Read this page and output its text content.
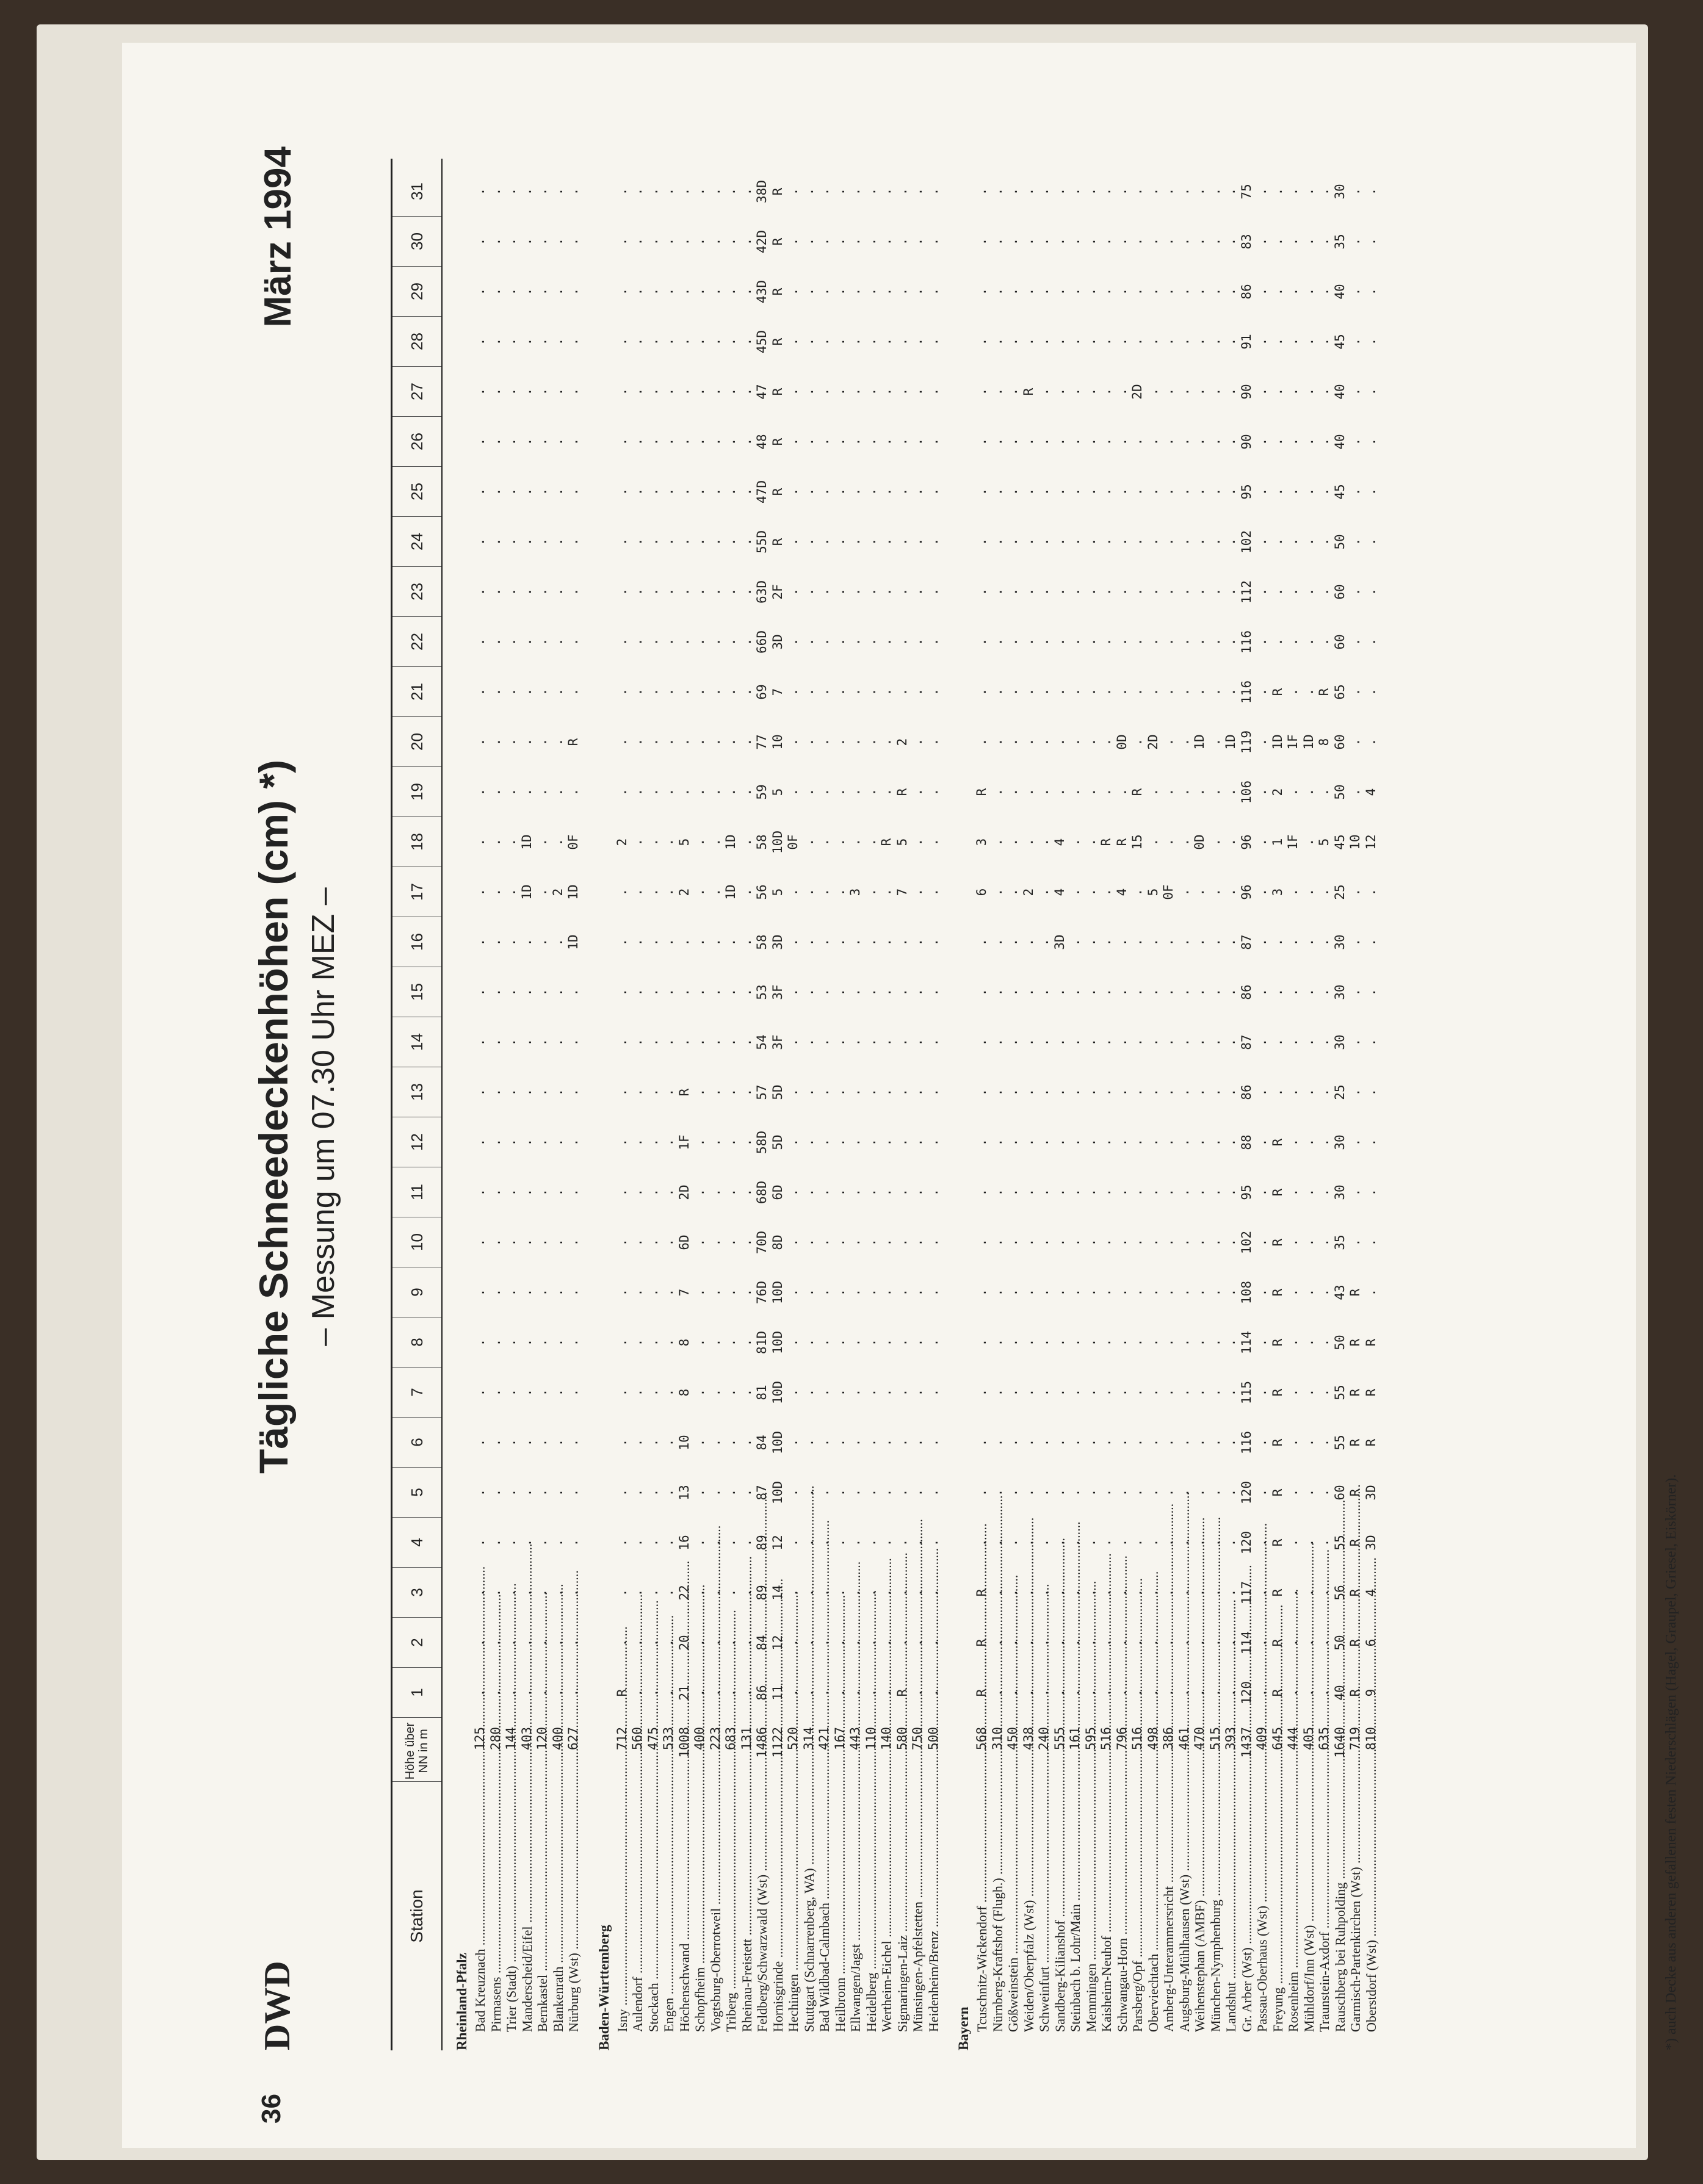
36
DWD
Tägliche Schneedeckenhöhen (cm) *) – Messung um 07.30 Uhr MEZ –
März 1994
Station
Höhe über NN in m
1
2
3
4
5
6
7
8
9
10
11
12
13
14
15
16
17
18
19
20
21
22
23
24
25
26
27
28
29
30
31
Rheinland-Pfalz Bad Kreuznach .....
125
.
.
.
.
.
.
.
.
.
.
.
.
.
.
.
.
.
.
.
.
.
.
.
.
.
.
.
.
.
.
.
Pirmasens .....
280
.
.
.
.
.
.
.
.
.
.
.
.
.
.
.
.
.
.
.
.
.
.
.
.
.
.
.
.
.
.
.
Trier (Stadt) .....
144
.
.
.
.
.
.
.
.
.
.
.
.
.
.
.
.
.
.
.
.
.
.
.
.
.
.
.
.
.
.
.
Manderscheid/Eifel .....
403
.
.
.
.
.
.
.
.
.
.
.
.
.
.
.
.
1D
1D
.
.
.
.
.
.
.
.
.
.
.
.
.
Bernkastel .....
120
.
.
.
.
.
.
.
.
.
.
.
.
.
.
.
.
.
.
.
.
.
.
.
.
.
.
.
.
.
.
.
Blankenrath .....
400
.
.
.
.
.
.
.
.
.
.
.
.
.
.
.
.
2
.
.
.
.
.
.
.
.
.
.
.
.
.
.
Nürburg (Wst) .....
627
.
.
.
.
.
.
.
.
.
.
.
.
.
.
.
1D
1D
0F
.
R
.
.
.
.
.
.
.
.
.
.
.
Baden-Württemberg Isny .....
712
R
.
.
.
.
.
.
.
.
.
.
.
.
.
.
.
.
2
.
.
.
.
.
.
.
.
.
.
.
.
.
Aulendorf .....
560
.
.
.
.
.
.
.
.
.
.
.
.
.
.
.
.
.
.
.
.
.
.
.
.
.
.
.
.
.
.
.
Stockach .....
475
.
.
.
.
.
.
.
.
.
.
.
.
.
.
.
.
.
.
.
.
.
.
.
.
.
.
.
.
.
.
.
Engen .....
533
.
.
.
.
.
.
.
.
.
.
.
.
.
.
.
.
.
.
.
.
.
.
.
.
.
.
.
.
.
.
.
Höchenschwand .....
1008
21
20
22
16
13
10
8
8
7
6D
2D
1F
R
.
.
.
2
5
.
.
.
.
.
.
.
.
.
.
.
.
.
Schopfheim .....
400
.
.
.
.
.
.
.
.
.
.
.
.
.
.
.
.
.
.
.
.
.
.
.
.
.
.
.
.
.
.
.
Vogtsburg-Oberrotweil .....
223
.
.
.
.
.
.
.
.
.
.
.
.
.
.
.
.
.
.
.
.
.
.
.
.
.
.
.
.
.
.
.
Triberg .....
683
.
.
.
.
.
.
.
.
.
.
.
.
.
.
.
.
1D
1D
.
.
.
.
.
.
.
.
.
.
.
.
.
Rheinau-Freistett .....
131
.
.
.
.
.
.
.
.
.
.
.
.
.
.
.
.
.
.
.
.
.
.
.
.
.
.
.
.
.
.
.
Feldberg/Schwarzwald (Wst) .....
1486
86
84
89
89
87
84
81
81D
76D
70D
68D
58D
57
54
53
58
56
58
59
77
69
66D
63D
55D
47D
48
47
45D
43D
42D
38D
Hornisgrinde .....
1122
11
12
14
12
10D
10D
10D
10D
10D
8D
6D
5D
5D
3F
3F
3D
5
10D
5
10
7
3D
2F
R
R
R
R
R
R
R
R
Hechingen .....
520
.
.
.
.
.
.
.
.
.
.
.
.
.
.
.
.
.
0F
.
.
.
.
.
.
.
.
.
.
.
.
.
Stuttgart (Schnarrenberg, WA) .....
314
.
.
.
.
.
.
.
.
.
.
.
.
.
.
.
.
.
.
.
.
.
.
.
.
.
.
.
.
.
.
.
Bad Wildbad-Calmbach .....
421
.
.
.
.
.
.
.
.
.
.
.
.
.
.
.
.
.
.
.
.
.
.
.
.
.
.
.
.
.
.
.
Heilbronn .....
167
.
.
.
.
.
.
.
.
.
.
.
.
.
.
.
.
.
.
.
.
.
.
.
.
.
.
.
.
.
.
.
Ellwangen/Jagst .....
443
.
.
.
.
.
.
.
.
.
.
.
.
.
.
.
.
3
.
.
.
.
.
.
.
.
.
.
.
.
.
.
Heidelberg .....
110
.
.
.
.
.
.
.
.
.
.
.
.
.
.
.
.
.
.
.
.
.
.
.
.
.
.
.
.
.
.
.
Wertheim-Eichel .....
140
.
.
.
.
.
.
.
.
.
.
.
.
.
.
.
.
.
R
.
.
.
.
.
.
.
.
.
.
.
.
.
Sigmaringen-Laiz .....
580
R
.
.
.
.
.
.
.
.
.
.
.
.
.
.
.
7
5
R
2
.
.
.
.
.
.
.
.
.
.
.
Münsingen-Apfelstetten .....
750
.
.
.
.
.
.
.
.
.
.
.
.
.
.
.
.
.
.
.
.
.
.
.
.
.
.
.
.
.
.
.
Heidenheim/Brenz .....
500
.
.
.
.
.
.
.
.
.
.
.
.
.
.
.
.
.
.
.
.
.
.
.
.
.
.
.
.
.
.
.
Bayern Tcuschnitz-Wickendorf .....
568
R
R
R
.
.
.
.
.
.
.
.
.
.
.
.
.
6
3
R
.
.
.
.
.
.
.
.
.
.
.
.
Nürnberg-Kraftshof (Flugh.) .....
310
.
.
.
.
.
.
.
.
.
.
.
.
.
.
.
.
.
.
.
.
.
.
.
.
.
.
.
.
.
.
.
Gößweinstein .....
450
.
.
.
.
.
.
.
.
.
.
.
.
.
.
.
.
.
.
.
.
.
.
.
.
.
.
.
.
.
.
.
Weiden/Oberpfalz (Wst) .....
438
.
.
.
.
.
.
.
.
.
.
.
.
.
.
.
.
2
.
.
.
.
.
.
.
.
.
R
.
.
.
.
Schweinfurt .....
240
.
.
.
.
.
.
.
.
.
.
.
.
.
.
.
.
.
.
.
.
.
.
.
.
.
.
.
.
.
.
.
Sandberg-Kilianshof .....
555
.
.
.
.
.
.
.
.
.
.
.
.
.
.
.
3D
4
4
.
.
.
.
.
.
.
.
.
.
.
.
.
Steinbach b. Lohr/Main .....
161
.
.
.
.
.
.
.
.
.
.
.
.
.
.
.
.
.
.
.
.
.
.
.
.
.
.
.
.
.
.
.
Memmingen .....
595
.
.
.
.
.
.
.
.
.
.
.
.
.
.
.
.
.
.
.
.
.
.
.
.
.
.
.
.
.
.
.
Kaisheim-Neuhof .....
516
.
.
.
.
.
.
.
.
.
.
.
.
.
.
.
.
.
R
.
.
.
.
.
.
.
.
.
.
.
.
.
Schwangau-Horn .....
796
.
.
.
.
.
.
.
.
.
.
.
.
.
.
.
.
4
R
.
0D
.
.
.
.
.
.
.
.
.
.
.
Parsberg/Opf .....
516
.
.
.
.
.
.
.
.
.
.
.
.
.
.
.
.
.
15
R
.
.
.
.
.
.
.
2D
.
.
.
.
Oberviechtach .....
498
.
.
.
.
.
.
.
.
.
.
.
.
.
.
.
.
5
.
.
2D
.
.
.
.
.
.
.
.
.
.
.
Amberg-Unterammersricht .....
386
.
.
.
.
.
.
.
.
.
.
.
.
.
.
.
.
0F
.
.
.
.
.
.
.
.
.
.
.
.
.
.
Augsburg-Mühlhausen (Wst) .....
461
.
.
.
.
.
.
.
.
.
.
.
.
.
.
.
.
.
.
.
.
.
.
.
.
.
.
.
.
.
.
.
Weihenstephan (AMBF) .....
470
.
.
.
.
.
.
.
.
.
.
.
.
.
.
.
.
.
0D
.
1D
.
.
.
.
.
.
.
.
.
.
.
München-Nymphenburg .....
515
.
.
.
.
.
.
.
.
.
.
.
.
.
.
.
.
.
.
.
.
.
.
.
.
.
.
.
.
.
.
.
Landshut .....
393
.
.
.
.
.
.
.
.
.
.
.
.
.
.
.
.
.
.
.
1D
.
.
.
.
.
.
.
.
.
.
.
Gr. Arber (Wst) .....
1437
120
114
117
120
120
116
115
114
108
102
95
88
86
87
86
87
96
96
106
119
116
116
112
102
95
90
90
91
86
83
75
Passau-Oberhaus (Wst) .....
409
.
.
.
.
.
.
.
.
.
.
.
.
.
.
.
.
.
.
.
.
.
.
.
.
.
.
.
.
.
.
.
Freyung .....
645
R
R
R
R
R
R
R
R
R
R
R
R
.
.
.
.
3
1
2
1D
R
.
.
.
.
.
.
.
.
.
.
Rosenheim .....
444
.
.
.
.
.
.
.
.
.
.
.
.
.
.
.
.
.
1F
.
1F
.
.
.
.
.
.
.
.
.
.
.
Mühldorf/Inn (Wst) .....
405
.
.
.
.
.
.
.
.
.
.
.
.
.
.
.
.
.
.
.
1D
.
.
.
.
.
.
.
.
.
.
.
Traunstein-Axdorf .....
635
.
.
.
.
.
.
.
.
.
.
.
.
.
.
.
.
.
5
.
8
R
.
.
.
.
.
.
.
.
.
.
Rauschberg bei Ruhpolding .....
1640
40
50
56
55
60
55
55
50
43
35
30
30
25
30
30
30
25
45
50
60
65
60
60
50
45
40
40
45
40
35
30
Garmisch-Partenkirchen (Wst) .....
719
R
R
R
R
R
R
R
R
R
.
.
.
.
.
.
.
.
10
.
.
.
.
.
.
.
.
.
.
.
.
.
Oberstdorf (Wst) .....
810
9
6
4
3D
3D
R
R
R
.
.
.
.
.
.
.
.
.
12
4
.
.
.
.
.
.
.
.
.
.
.
.
*) auch Decke aus anderen gefallenen festen Niederschlägen (Hagel, Graupel, Griesel, Eiskörner).
